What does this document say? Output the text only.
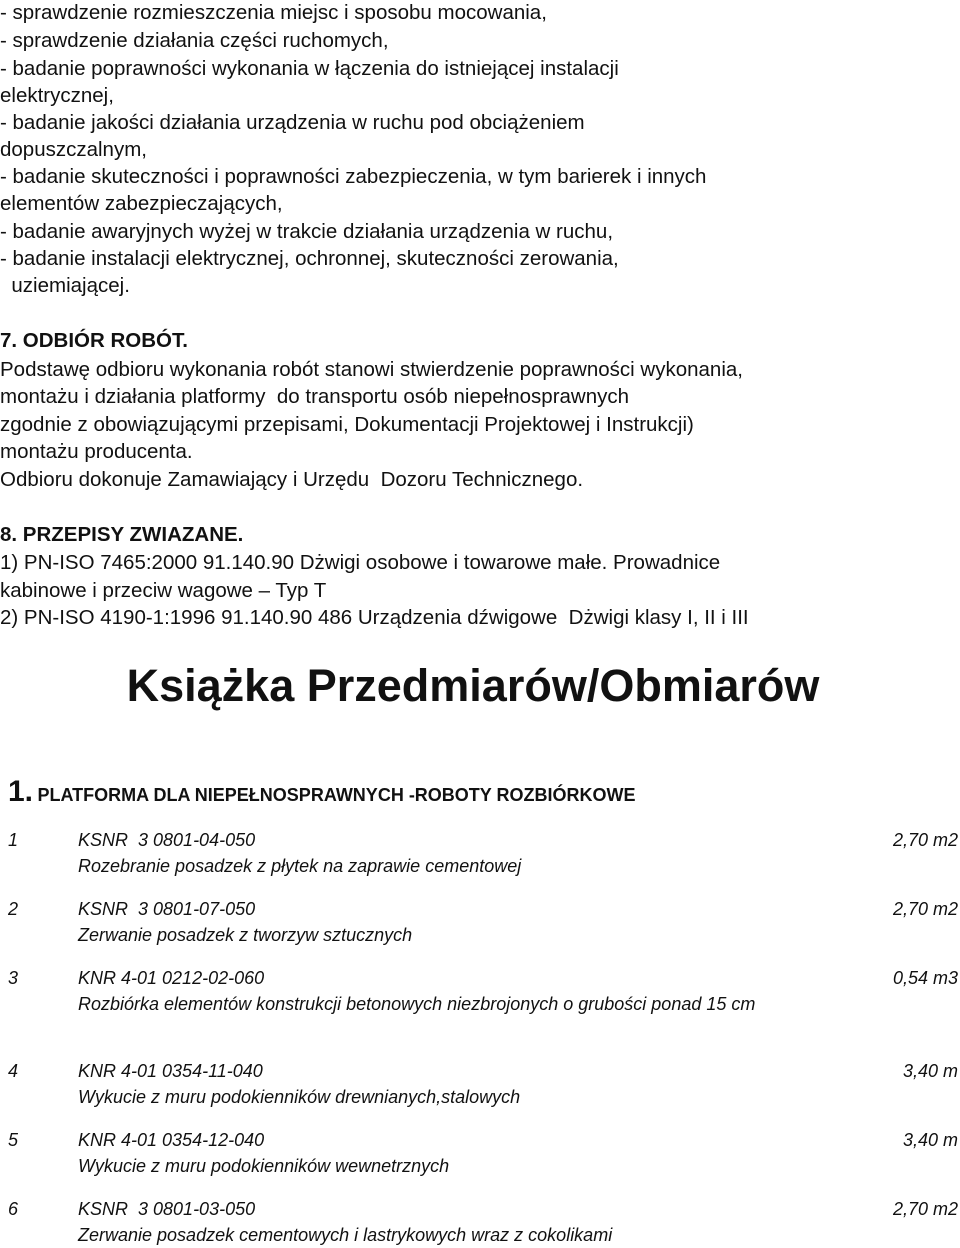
- sprawdzenie rozmieszczenia miejsc i sposobu mocowania,
- sprawdzenie działania części ruchomych,
- badanie poprawności wykonania w łączenia do istniejącej instalacji
elektrycznej,
- badanie jakości działania urządzenia w ruchu pod obciążeniem
dopuszczalnym,
- badanie skuteczności i poprawności zabezpieczenia, w tym barierek i innych
elementów zabezpieczających,
- badanie awaryjnych wyżej w trakcie działania urządzenia w ruchu,
- badanie instalacji elektrycznej, ochronnej, skuteczności zerowania,
uziemiającej.
7. ODBIÓR ROBÓT.
Podstawę odbioru wykonania robót stanowi stwierdzenie poprawności wykonania,
montażu i działania platformy  do transportu osób niepełnosprawnych
zgodnie z obowiązującymi przepisami, Dokumentacji Projektowej i Instrukcji)
montażu producenta.
Odbioru dokonuje Zamawiający i Urzędu  Dozoru Technicznego.
8. PRZEPISY ZWIAZANE.
1) PN-ISO 7465:2000 91.140.90 Dżwigi osobowe i towarowe małe. Prowadnice
kabinowe i przeciw wagowe – Typ T
2) PN-ISO 4190-1:1996 91.140.90 486 Urządzenia dźwigowe  Dżwigi klasy I, II i III
Książka Przedmiarów/Obmiarów
1. PLATFORMA DLA NIEPEŁNOSPRAWNYCH -ROBOTY ROZBIÓRKOWE
1	KSNR  3 0801-04-050	2,70 m2
Rozebranie posadzek z płytek na zaprawie cementowej
2	KSNR  3 0801-07-050	2,70 m2
Zerwanie posadzek z tworzyw sztucznych
3	KNR 4-01 0212-02-060	0,54 m3
Rozbiórka elementów konstrukcji betonowych niezbrojonych o grubości ponad 15 cm
4	KNR 4-01 0354-11-040	3,40 m
Wykucie z muru podokienników drewnianych,stalowych
5	KNR 4-01 0354-12-040	3,40 m
Wykucie z muru podokienników wewnetrznych
6	KSNR  3 0801-03-050	2,70 m2
Zerwanie posadzek cementowych i lastrykowych wraz z cokolikami
